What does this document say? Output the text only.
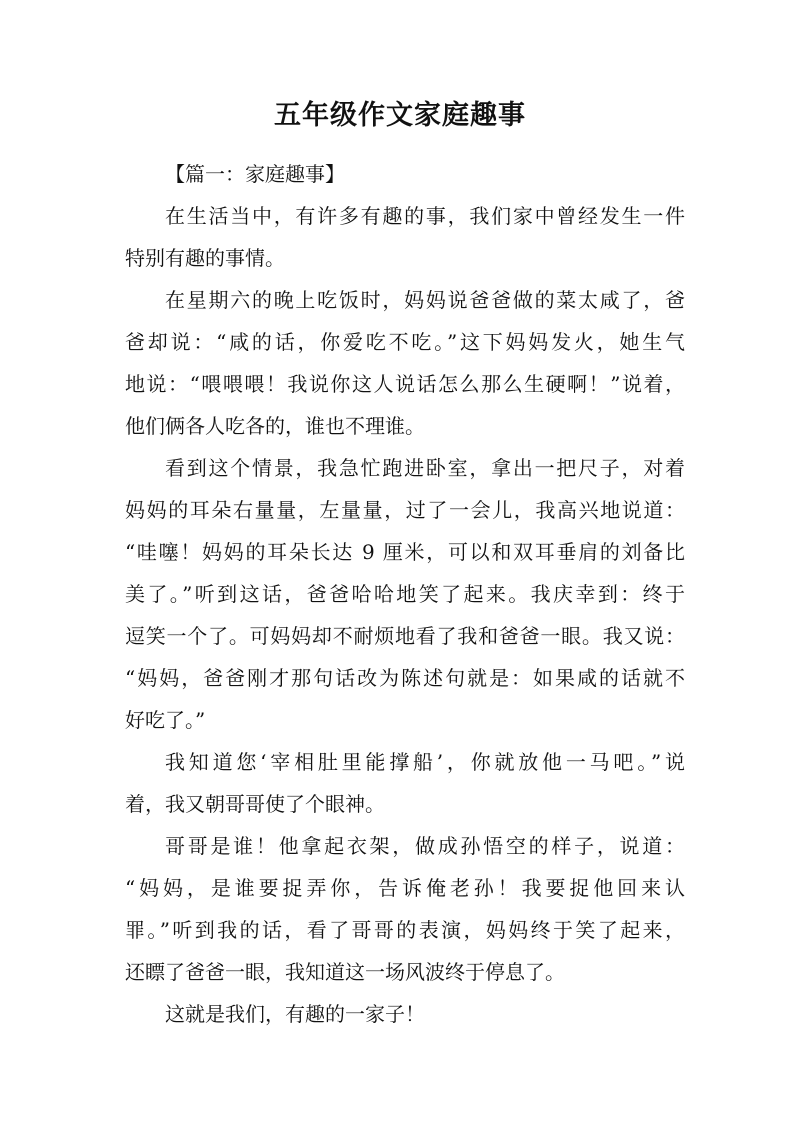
五年级作文家庭趣事
【篇一：家庭趣事】
在生活当中，有许多有趣的事，我们家中曾经发生一件
特别有趣的事情。
在星期六的晚上吃饭时，妈妈说爸爸做的菜太咸了，爸
爸却说：“咸的话，你爱吃不吃。”这下妈妈发火，她生气
地说：“喂喂喂！我说你这人说话怎么那么生硬啊！”说着，
他们俩各人吃各的，谁也不理谁。
看到这个情景，我急忙跑进卧室，拿出一把尺子，对着
妈妈的耳朵右量量，左量量，过了一会儿，我高兴地说道：
“哇噻！妈妈的耳朵长达 9 厘米，可以和双耳垂肩的刘备比
美了。”听到这话，爸爸哈哈地笑了起来。我庆幸到：终于
逗笑一个了。可妈妈却不耐烦地看了我和爸爸一眼。我又说：
“妈妈，爸爸刚才那句话改为陈述句就是：如果咸的话就不
好吃了。”
我知道您‘宰相肚里能撑船’，你就放他一马吧。”说
着，我又朝哥哥使了个眼神。
哥哥是谁！他拿起衣架，做成孙悟空的样子，说道：
“妈妈，是谁要捉弄你，告诉俺老孙！我要捉他回来认
罪。”听到我的话，看了哥哥的表演，妈妈终于笑了起来，
还瞟了爸爸一眼，我知道这一场风波终于停息了。
这就是我们，有趣的一家子！
